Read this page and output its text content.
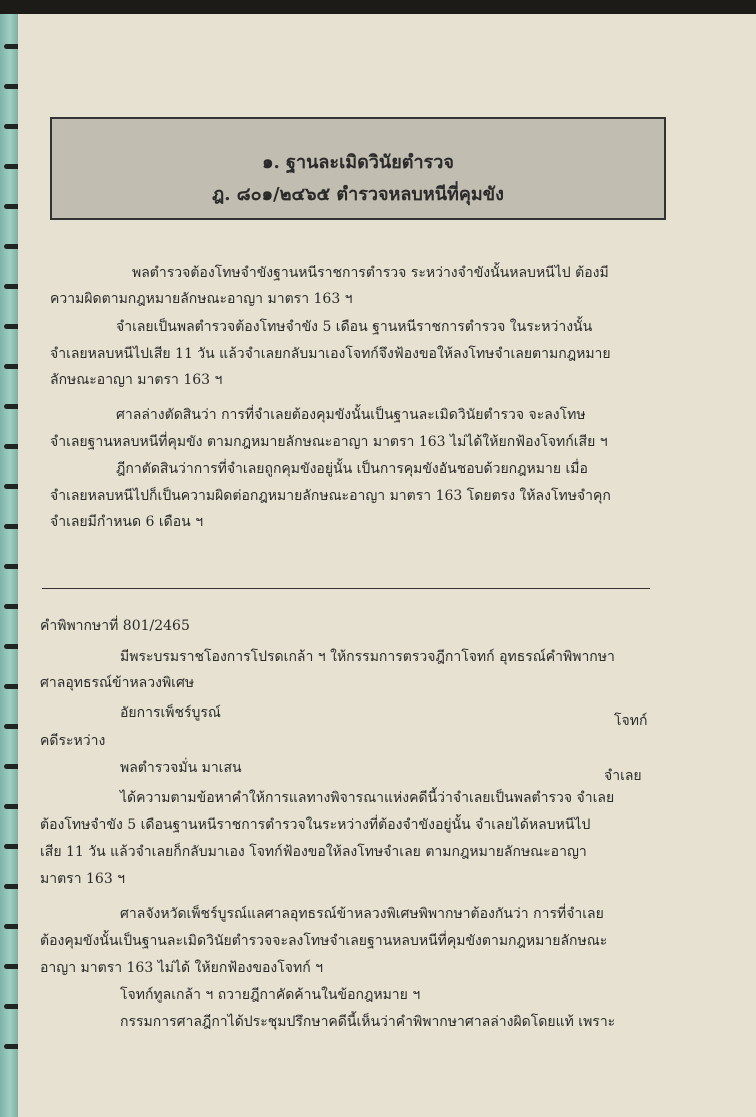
๑. ฐานละเมิดวินัยตำรวจ
ฎ. ๘๐๑/๒๔๖๕ ตำรวจหลบหนีที่คุมขัง
พลตำรวจต้องโทษจำขังฐานหนีราชการตำรวจ ระหว่างจำขังนั้นหลบหนีไป ต้องมี
ความผิดตามกฎหมายลักษณะอาญา มาตรา 163 ฯ
จำเลยเป็นพลตำรวจต้องโทษจำขัง 5 เดือน ฐานหนีราชการตำรวจ ในระหว่างนั้น
จำเลยหลบหนีไปเสีย 11 วัน แล้วจำเลยกลับมาเองโจทก์จึงฟ้องขอให้ลงโทษจำเลยตามกฎหมาย
ลักษณะอาญา มาตรา 163 ฯ
ศาลล่างตัดสินว่า การที่จำเลยต้องคุมขังนั้นเป็นฐานละเมิดวินัยตำรวจ จะลงโทษ
จำเลยฐานหลบหนีที่คุมขัง ตามกฎหมายลักษณะอาญา มาตรา 163 ไม่ได้ให้ยกฟ้องโจทก์เสีย ฯ
ฎีกาตัดสินว่าการที่จำเลยถูกคุมขังอยู่นั้น เป็นการคุมขังอันชอบด้วยกฎหมาย เมื่อ
จำเลยหลบหนีไปก็เป็นความผิดต่อกฎหมายลักษณะอาญา มาตรา 163 โดยตรง ให้ลงโทษจำคุก
จำเลยมีกำหนด 6 เดือน ฯ
คำพิพากษาที่ 801/2465
มีพระบรมราชโองการโปรดเกล้า ฯ ให้กรรมการตรวจฎีกาโจทก์ อุทธรณ์คำพิพากษา
ศาลอุทธรณ์ข้าหลวงพิเศษ
อัยการเพ็ชร์บูรณ์	โจทก์
คดีระหว่าง
พลตำรวจมั่น มาเสน	จำเลย
ได้ความตามข้อหาคำให้การแลทางพิจารณาแห่งคดีนี้ว่าจำเลยเป็นพลตำรวจ จำเลย
ต้องโทษจำขัง 5 เดือนฐานหนีราชการตำรวจในระหว่างที่ต้องจำขังอยู่นั้น จำเลยได้หลบหนีไป
เสีย 11 วัน แล้วจำเลยก็กลับมาเอง โจทก์ฟ้องขอให้ลงโทษจำเลย ตามกฎหมายลักษณะอาญา
มาตรา 163 ฯ
ศาลจังหวัดเพ็ชร์บูรณ์แลศาลอุทธรณ์ข้าหลวงพิเศษพิพากษาต้องกันว่า การที่จำเลย
ต้องคุมขังนั้นเป็นฐานละเมิดวินัยตำรวจจะลงโทษจำเลยฐานหลบหนีที่คุมขังตามกฎหมายลักษณะ
อาญา มาตรา 163 ไม่ได้ ให้ยกฟ้องของโจทก์ ฯ
โจทก์ทูลเกล้า ฯ ถวายฎีกาคัดค้านในข้อกฎหมาย ฯ
กรรมการศาลฎีกาได้ประชุมปรึกษาคดีนี้เห็นว่าคำพิพากษาศาลล่างผิดโดยแท้ เพราะ
